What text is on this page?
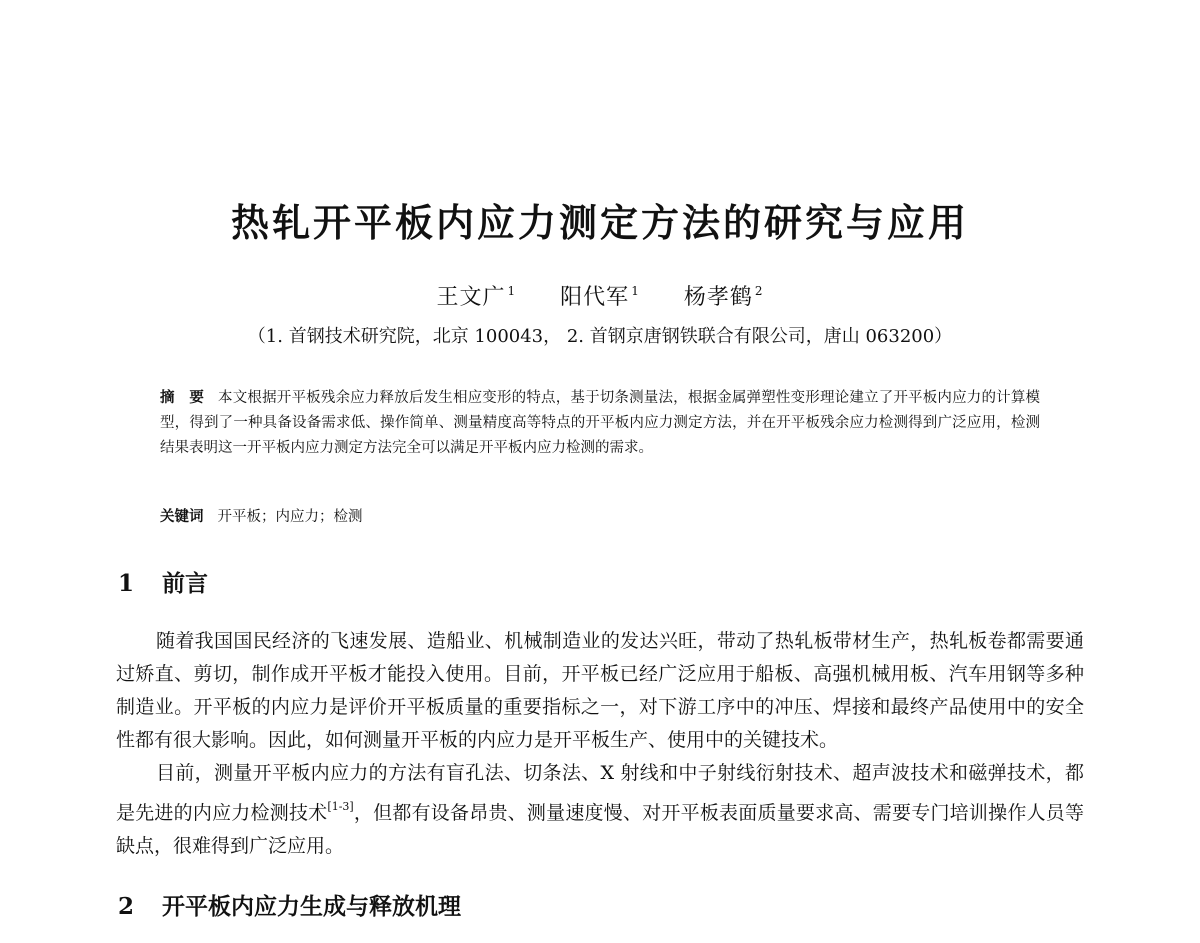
热轧开平板内应力测定方法的研究与应用
王文广 $^1$ 阳代军 $^1$ 杨孝鹤 $^2$
（1. 首钢技术研究院，北京 100043， 2. 首钢京唐钢铁联合有限公司，唐山 063200）
摘　要 本文根据开平板残余应力释放后发生相应变形的特点，基于切条测量法，根据金属弹塑性变形理论建立了开平板内应力的计算模型，得到了一种具备设备需求低、操作简单、测量精度高等特点的开平板内应力测定方法，并在开平板残余应力检测得到广泛应用，检测结果表明这一开平板内应力测定方法完全可以满足开平板内应力检测的需求。
关键词 开平板；内应力；检测
1 前言

随着我国国民经济的飞速发展、造船业、机械制造业的发达兴旺，带动了热轧板带材生产，热轧板卷都需要通过矫直、剪切，制作成开平板才能投入使用。目前，开平板已经广泛应用于船板、高强机械用板、汽车用钢等多种制造业。开平板的内应力是评价开平板质量的重要指标之一，对下游工序中的冲压、焊接和最终产品使用中的安全性都有很大影响。因此，如何测量开平板的内应力是开平板生产、使用中的关键技术。

目前，测量开平板内应力的方法有盲孔法、切条法、X 射线和中子射线衍射技术、超声波技术和磁弹技术，都是先进的内应力检测技术[1-3]，但都有设备昂贵、测量速度慢、对开平板表面质量要求高、需要专门培训操作人员等缺点，很难得到广泛应用。

2 开平板内应力生成与释放机理
